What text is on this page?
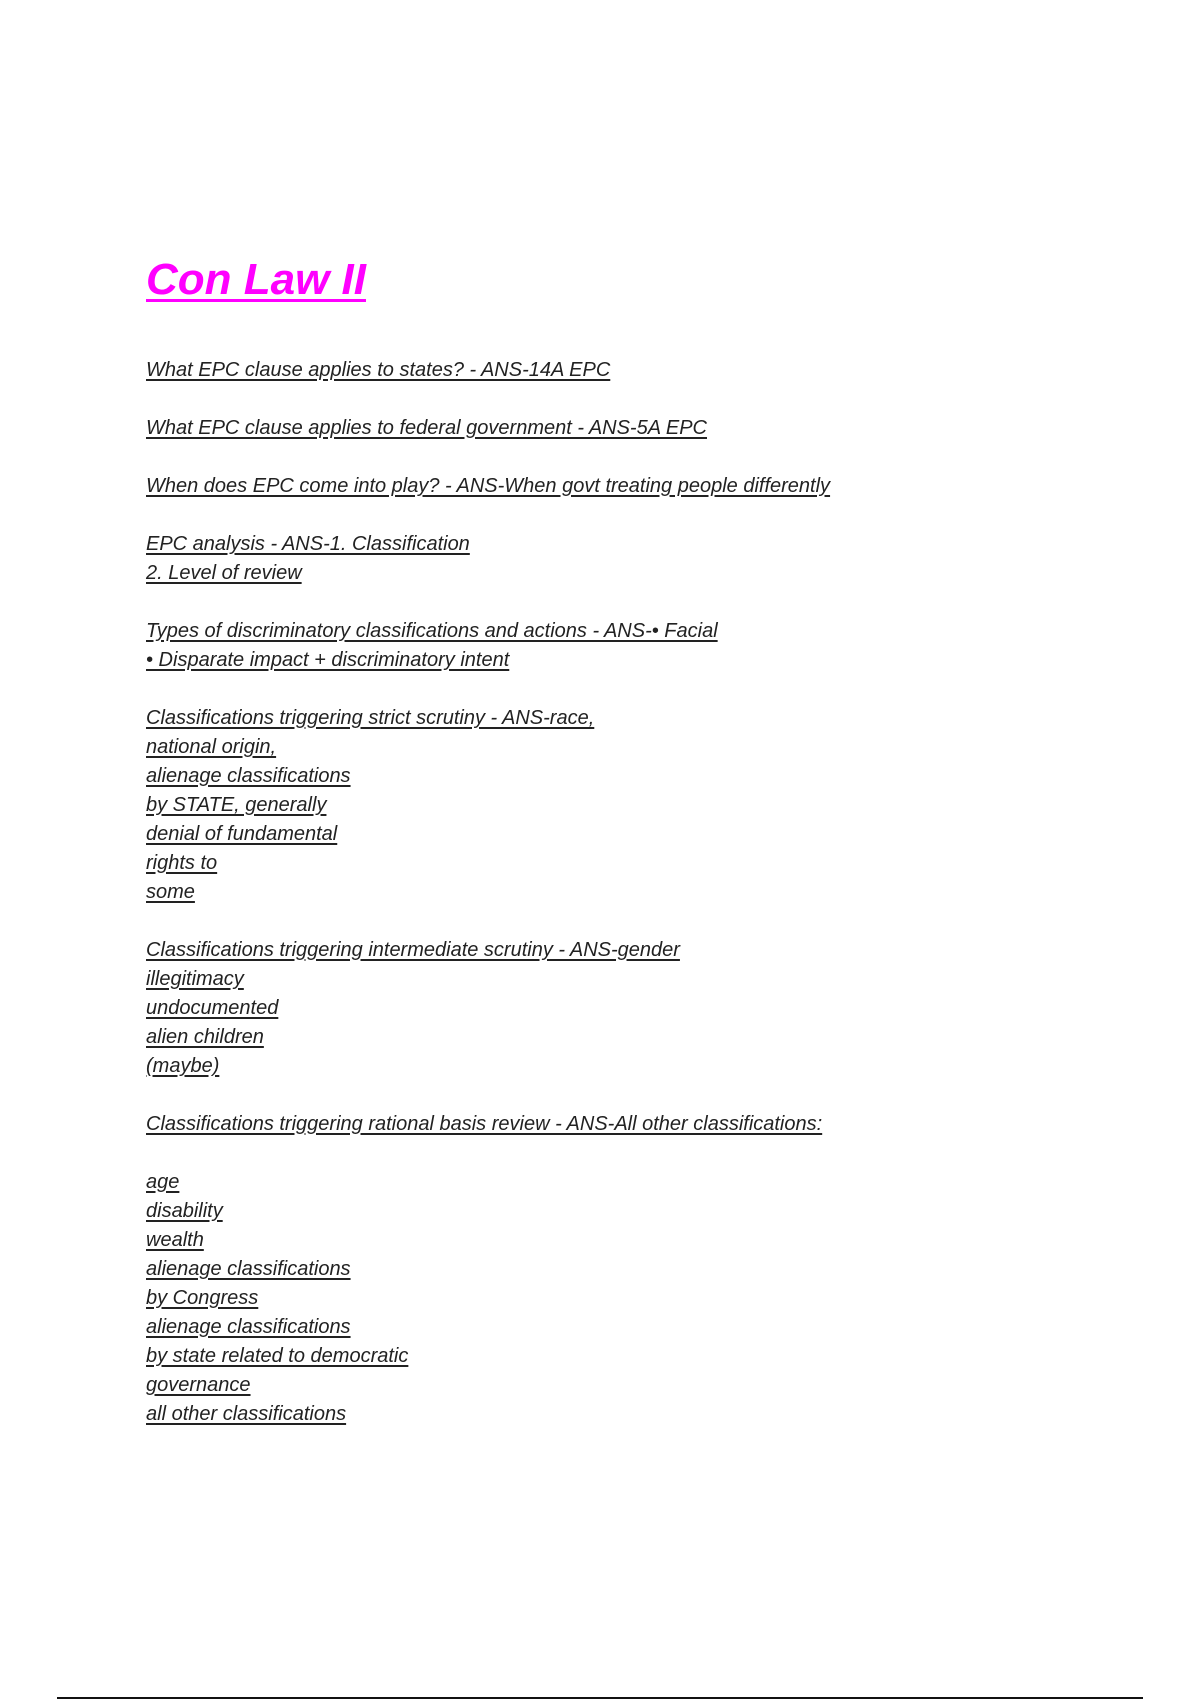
Con Law II
What EPC clause applies to states? - ANS-14A EPC
What EPC clause applies to federal government - ANS-5A EPC
When does EPC come into play? - ANS-When govt treating people differently
EPC analysis - ANS-1. Classification
2. Level of review
Types of discriminatory classifications and actions - ANS-• Facial
• Disparate impact + discriminatory intent
Classifications triggering strict scrutiny - ANS-race,
national origin,
alienage classifications
by STATE, generally
denial of fundamental
rights to
some
Classifications triggering intermediate scrutiny - ANS-gender
illegitimacy
undocumented
alien children
(maybe)
Classifications triggering rational basis review - ANS-All other classifications:
age
disability
wealth
alienage classifications
by Congress
alienage classifications
by state related to democratic
governance
all other classifications
